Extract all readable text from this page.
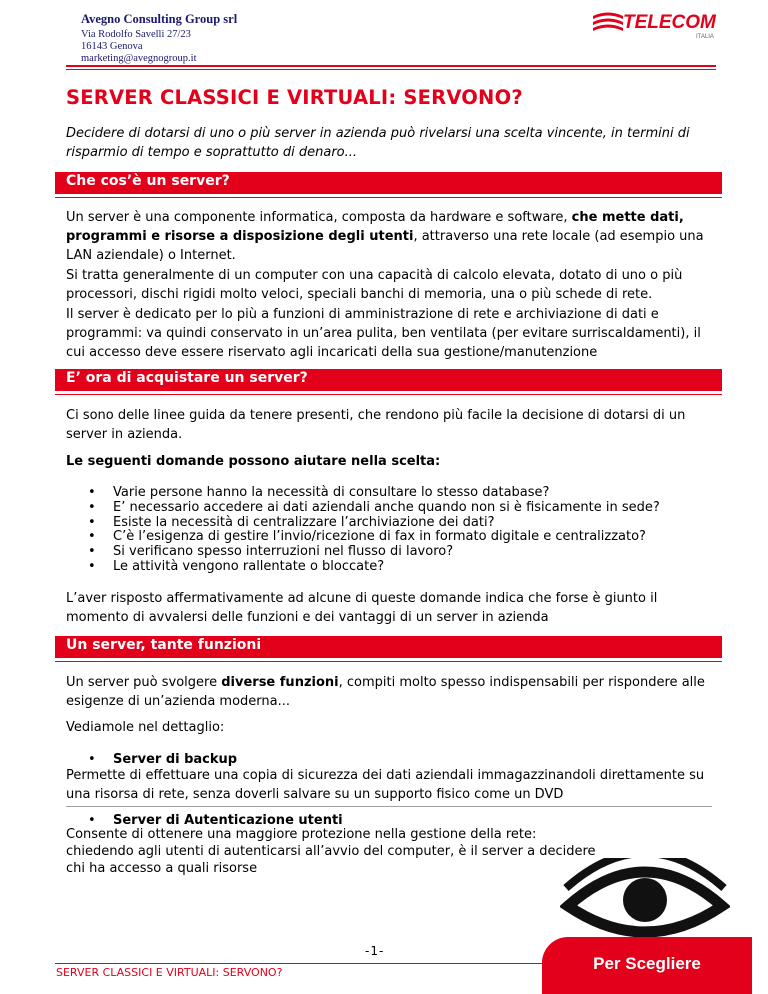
Avegno Consulting Group srl
Via Rodolfo Savelli 27/23
16143 Genova
marketing@avegnogroup.it
TELECOM
ITALIA
SERVER CLASSICI E VIRTUALI: SERVONO?
Decidere di dotarsi di uno o più server in azienda può rivelarsi una scelta vincente, in termini di risparmio di tempo e soprattutto di denaro...
Che cos’è un server?
Un server è una componente informatica, composta da hardware e software, che mette dati, programmi e risorse a disposizione degli utenti, attraverso una rete locale (ad esempio una LAN aziendale) o Internet.
Si tratta generalmente di un computer con una capacità di calcolo elevata, dotato di uno o più processori, dischi rigidi molto veloci, speciali banchi di memoria, una o più schede di rete.
Il server è dedicato per lo più a funzioni di amministrazione di rete e archiviazione di dati e programmi: va quindi conservato in un’area pulita, ben ventilata (per evitare surriscaldamenti), il cui accesso deve essere riservato agli incaricati della sua gestione/manutenzione
E’ ora di acquistare un server?
Ci sono delle linee guida da tenere presenti, che rendono più facile la decisione di dotarsi di un server in azienda.
Le seguenti domande possono aiutare nella scelta:
• Varie persone hanno la necessità di consultare lo stesso database?
• E’ necessario accedere ai dati aziendali anche quando non si è fisicamente in sede?
• Esiste la necessità di centralizzare l’archiviazione dei dati?
• C’è l’esigenza di gestire l’invio/ricezione di fax in formato digitale e centralizzato?
• Si verificano spesso interruzioni nel flusso di lavoro?
• Le attività vengono rallentate o bloccate?
L’aver risposto affermativamente ad alcune di queste domande indica che forse è giunto il momento di avvalersi delle funzioni e dei vantaggi di un server in azienda
Un server, tante funzioni
Un server può svolgere diverse funzioni, compiti molto spesso indispensabili per rispondere alle esigenze di un’azienda moderna...
Vediamole nel dettaglio:
• Server di backup
Permette di effettuare una copia di sicurezza dei dati aziendali immagazzinandoli direttamente su una risorsa di rete, senza doverli salvare su un supporto fisico come un DVD
• Server di Autenticazione utenti
Consente di ottenere una maggiore protezione nella gestione della rete:
chiedendo agli utenti di autenticarsi all’avvio del computer, è il server a decidere
chi ha accesso a quali risorse
-1-
SERVER CLASSICI E VIRTUALI: SERVONO?	Per Scegliere
